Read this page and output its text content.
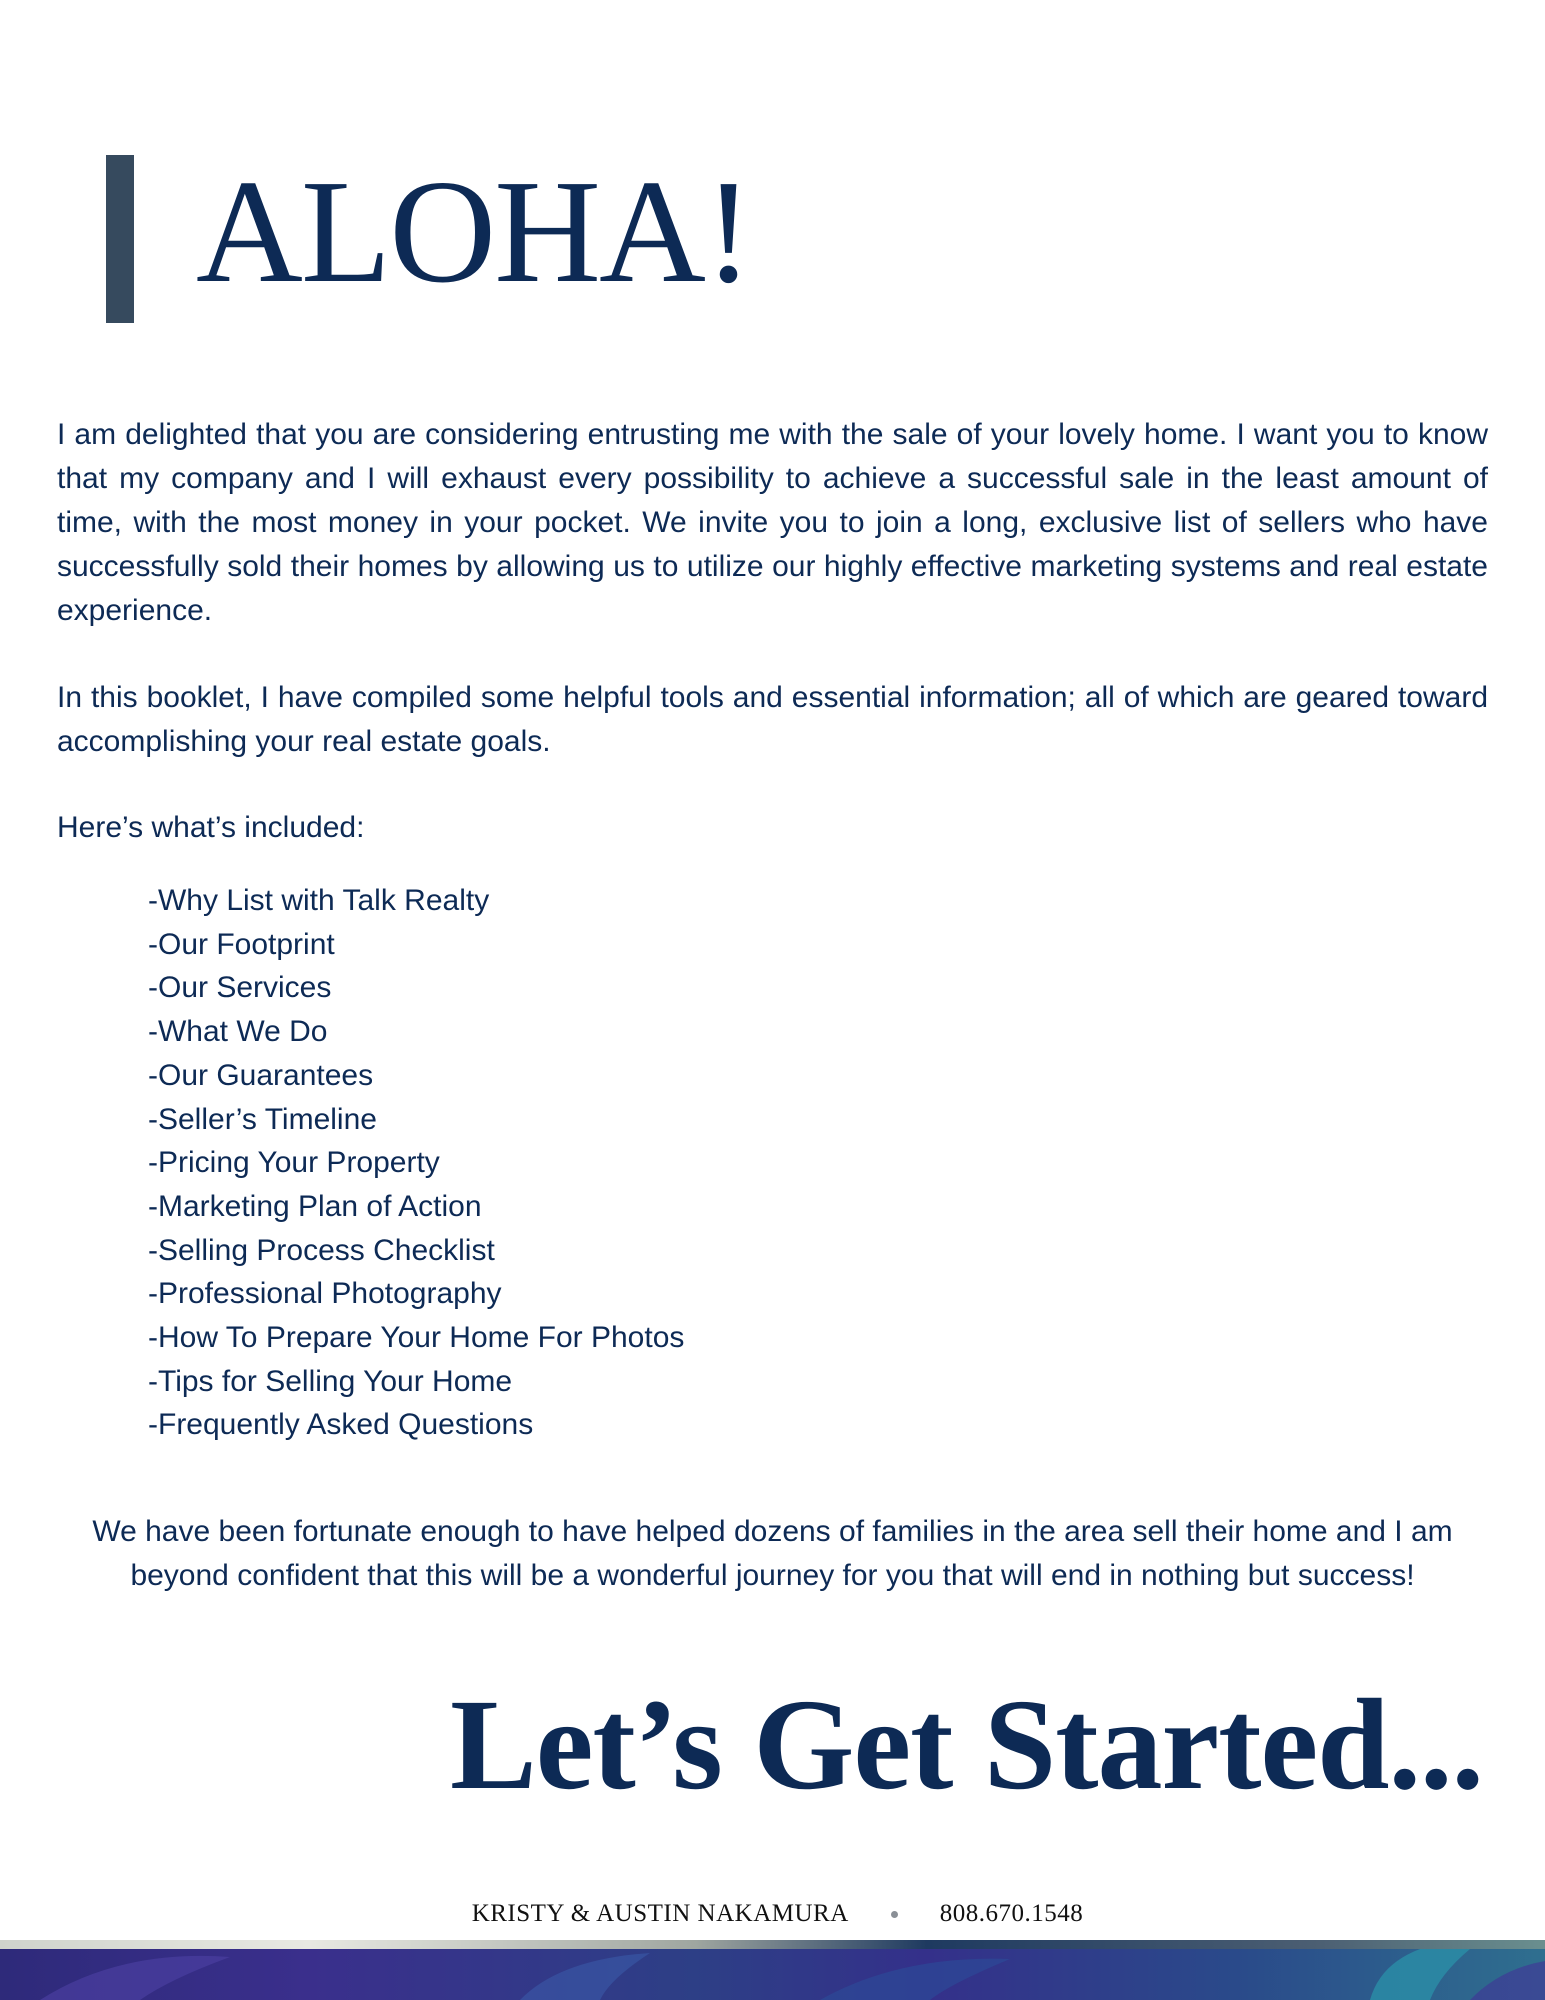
ALOHA!

I am delighted that you are considering entrusting me with the sale of your lovely home. I want you to know that my company and I will exhaust every possibility to achieve a successful sale in the least amount of time, with the most money in your pocket. We invite you to join a long, exclusive list of sellers who have successfully sold their homes by allowing us to utilize our highly effective marketing systems and real estate experience.

In this booklet, I have compiled some helpful tools and essential information; all of which are geared toward accomplishing your real estate goals.

Here’s what’s included:

-Why List with Talk Realty
-Our Footprint
-Our Services
-What We Do
-Our Guarantees
-Seller’s Timeline
-Pricing Your Property
-Marketing Plan of Action
-Selling Process Checklist
-Professional Photography
-How To Prepare Your Home For Photos
-Tips for Selling Your Home
-Frequently Asked Questions

We have been fortunate enough to have helped dozens of families in the area sell their home and I am beyond confident that this will be a wonderful journey for you that will end in nothing but success!

Let’s Get Started...
KRISTY & AUSTIN NAKAMURA	808.670.1548
